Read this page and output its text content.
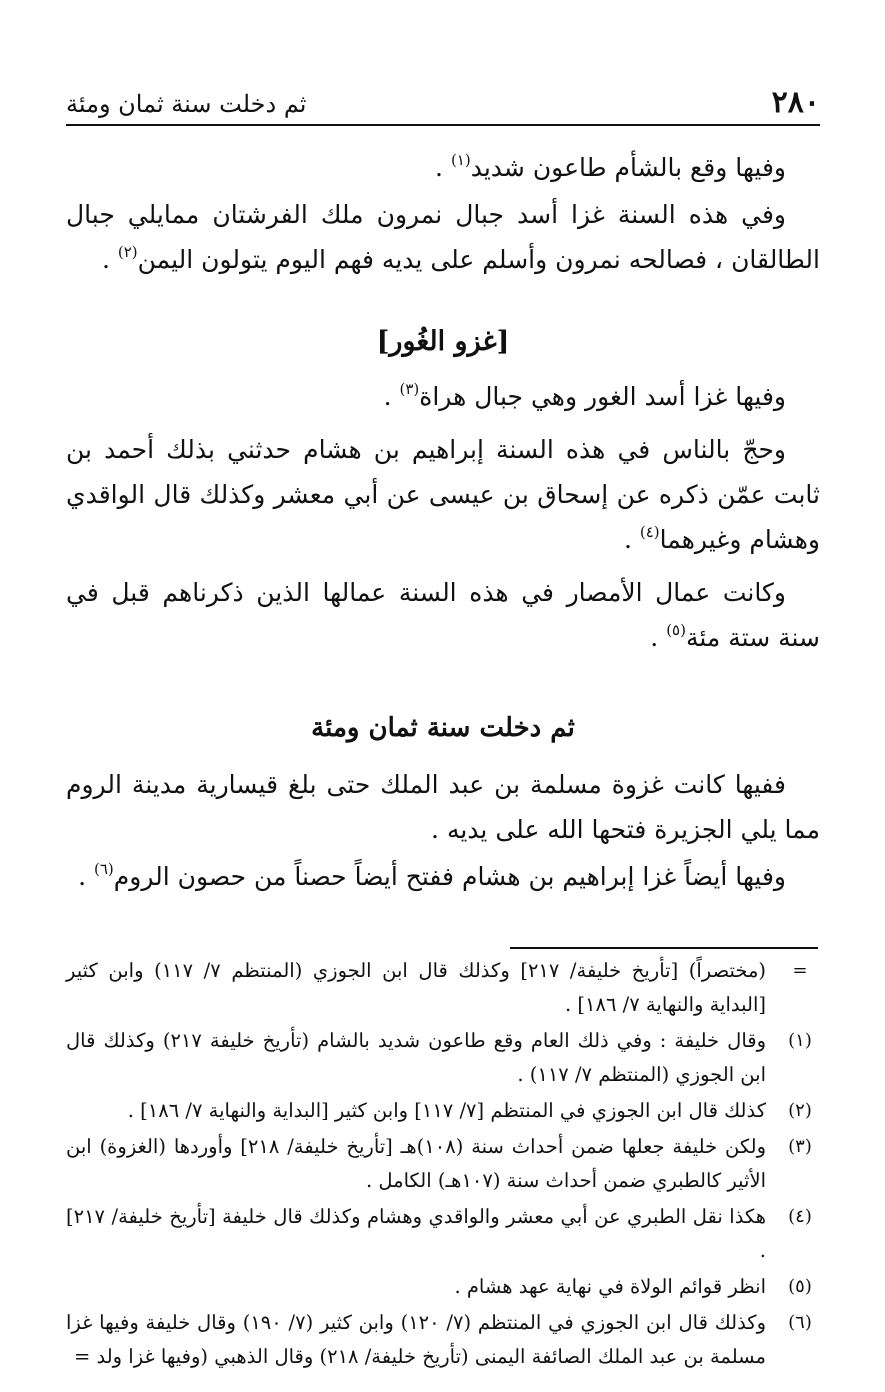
٢٨٠
ثم دخلت سنة ثمان ومئة

وفيها وقع بالشأم طاعون شديد$^{(١)}$ .

وفي هذه السنة غزا أسد جبال نمرون ملك الفرشتان ممايلي جبال الطالقان ، فصالحه نمرون وأسلم على يديه فهم اليوم يتولون اليمن$^{(٢)}$ .

[غزو الغُور]

وفيها غزا أسد الغور وهي جبال هراة$^{(٣)}$ .

وحجّ بالناس في هذه السنة إبراهيم بن هشام حدثني بذلك أحمد بن ثابت عمّن ذكره عن إسحاق بن عيسى عن أبي معشر وكذلك قال الواقدي وهشام وغيرهما$^{(٤)}$ .

وكانت عمال الأمصار في هذه السنة عمالها الذين ذكرناهم قبل في سنة ستة مئة$^{(٥)}$ .

ثم دخلت سنة ثمان ومئة

ففيها كانت غزوة مسلمة بن عبد الملك حتى بلغ قيسارية مدينة الروم مما يلي الجزيرة فتحها الله على يديه .

وفيها أيضاً غزا إبراهيم بن هشام ففتح أيضاً حصناً من حصون الروم$^{(٦)}$ .

=
(مختصراً) [تأريخ خليفة/ ٢١٧] وكذلك قال ابن الجوزي (المنتظم ٧/ ١١٧) وابن كثير [البداية والنهاية ٧/ ١٨٦] .
(١)
وقال خليفة : وفي ذلك العام وقع طاعون شديد بالشام (تأريخ خليفة ٢١٧) وكذلك قال ابن الجوزي (المنتظم ٧/ ١١٧) .
(٢)
كذلك قال ابن الجوزي في المنتظم [٧/ ١١٧] وابن كثير [البداية والنهاية ٧/ ١٨٦] .
(٣)
ولكن خليفة جعلها ضمن أحداث سنة (١٠٨)هـ [تأريخ خليفة/ ٢١٨] وأوردها (الغزوة) ابن الأثير كالطبري ضمن أحداث سنة (١٠٧هـ) الكامل .
(٤)
هكذا نقل الطبري عن أبي معشر والواقدي وهشام وكذلك قال خليفة [تأريخ خليفة/ ٢١٧] .
(٥)
انظر قوائم الولاة في نهاية عهد هشام .
(٦)
وكذلك قال ابن الجوزي في المنتظم (٧/ ١٢٠) وابن كثير (٧/ ١٩٠) وقال خليفة وفيها غزا مسلمة بن عبد الملك الصائفة اليمنى (تأريخ خليفة/ ٢١٨) وقال الذهبي (وفيها غزا ولد =
